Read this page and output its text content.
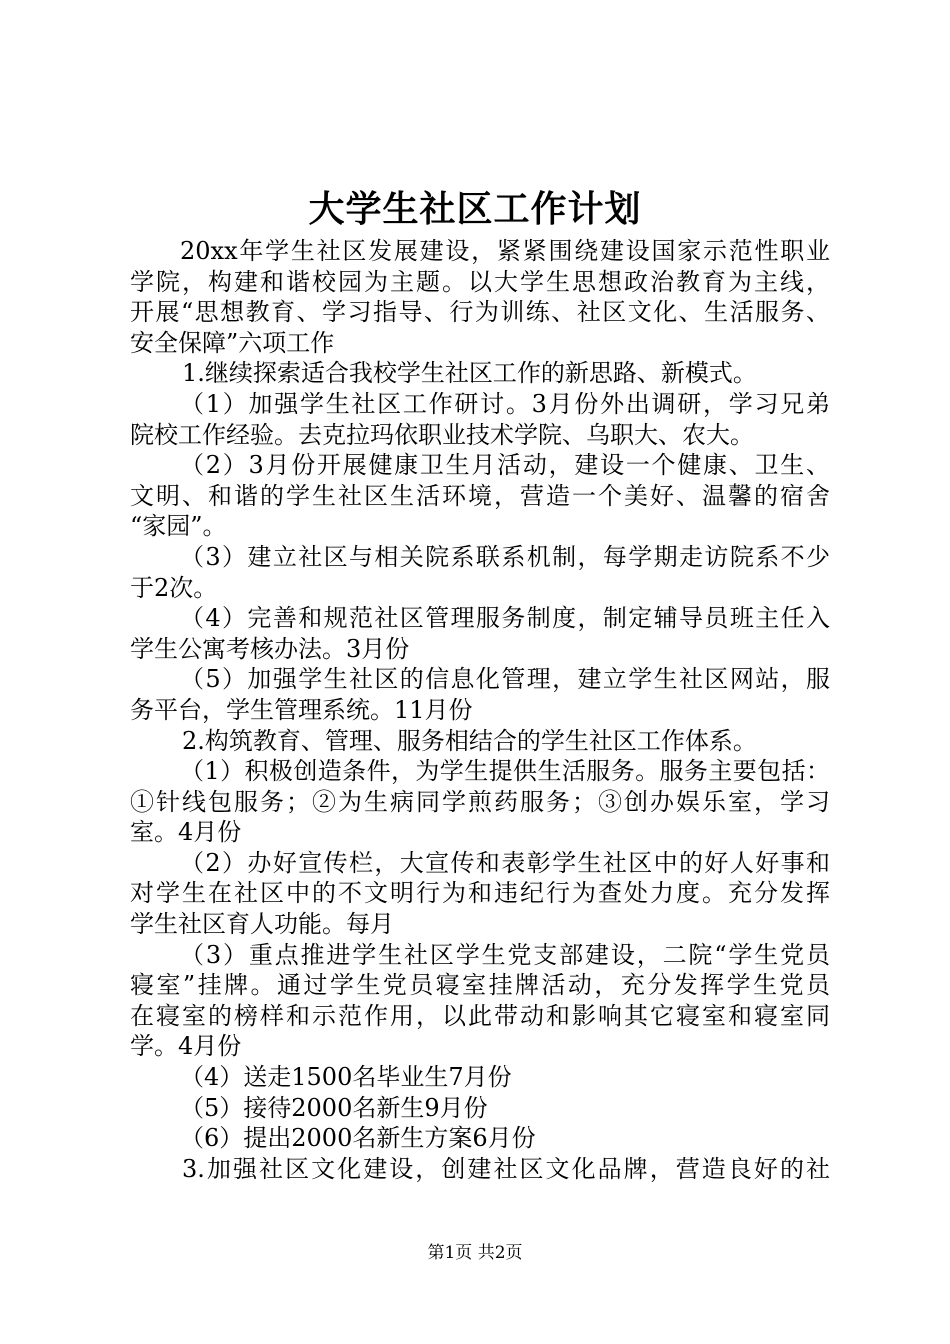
大学生社区工作计划
20xx年学生社区发展建设，紧紧围绕建设国家示范性职业
学院，构建和谐校园为主题。以大学生思想政治教育为主线，
开展“思想教育、学习指导、行为训练、社区文化、生活服务、
安全保障”六项工作
1.继续探索适合我校学生社区工作的新思路、新模式。
（1）加强学生社区工作研讨。3月份外出调研，学习兄弟
院校工作经验。去克拉玛依职业技术学院、乌职大、农大。
（2）3月份开展健康卫生月活动，建设一个健康、卫生、
文明、和谐的学生社区生活环境，营造一个美好、温馨的宿舍
“家园”。
（3）建立社区与相关院系联系机制，每学期走访院系不少
于2次。
（4）完善和规范社区管理服务制度，制定辅导员班主任入
学生公寓考核办法。3月份
（5）加强学生社区的信息化管理，建立学生社区网站，服
务平台，学生管理系统。11月份
2.构筑教育、管理、服务相结合的学生社区工作体系。
（1）积极创造条件，为学生提供生活服务。服务主要包括：
①针线包服务；②为生病同学煎药服务；③创办娱乐室，学习
室。4月份
（2）办好宣传栏，大宣传和表彰学生社区中的好人好事和
对学生在社区中的不文明行为和违纪行为查处力度。充分发挥
学生社区育人功能。每月
（3）重点推进学生社区学生党支部建设，二院“学生党员
寝室”挂牌。通过学生党员寝室挂牌活动，充分发挥学生党员
在寝室的榜样和示范作用，以此带动和影响其它寝室和寝室同
学。4月份
（4）送走1500名毕业生7月份
（5）接待2000名新生9月份
（6）提出2000名新生方案6月份
3.加强社区文化建设，创建社区文化品牌，营造良好的社
第1页 共2页
